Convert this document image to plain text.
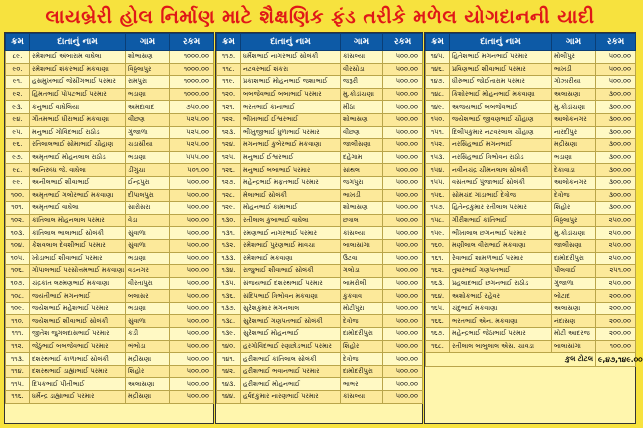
લાયબ્રેરી હોલ નિર્માણ માટે શૈક્ષણિક ફંડ તરીકે મળેલ યોગદાનની યાદી
ક્રમ	દાતાનું નામ	ગામ	રકમ
૮૯.	રમેશભાઈ અંબારામ વાઘેલા	શોભાસણ	૧૦૦૦.૦૦
૯૦.	રમેશભાઈ શંકરભાઈ મકવાણા	વિઠ્ઠલાપુર	૧૦૦૦.૦૦
૯૧.	હસમુખભાઈ જેસીંગભાઈ પરમાર	રામપુરા	૧૦૦૦.૦૦
૯૨.	હિંમતભાઈ પોપટભાઈ પરમાર	ભડાણા	૧૦૦૦.૦૦
૯૩.	કનુભાઈ વાઘેલિયા	અમદાવાદ	૭૫૦.૦૦
૯૪.	ગૌતમભાઈ ધીરાભાઈ મકવાણા	વીંછણ	૫૨૫.૦૦
૯૫.	મનુભાઈ ગોવિંદભાઈ રાઠોડ	ગુંજાળા	૫૨૫.૦૦
૯૬.	રતિલાલભાઈ સોમાભાઈ ચૌહાણ	ચડાસીયા	૫૨૫.૦૦
૯૭.	અમૃતભાઈ મોહનલાલ રાઠોડ	ભડાણા	૫૫૫.૦૦
૯૮.	અનિરુધ્ધ જે. વાઘેલા	ડીંગુચા	૫૦૧.૦૦
૯૯.	અનીલભાઈ શીવાભાઈ	ઈન્દ્રપુરા	૫૦૦.૦૦
૧૦૦.	અમૃતભાઈ ગલોરભાઈ મકવાણા	દીપાલપુરા	૫૦૦.૦૦
૧૦૧.	અમૃતભાઈ વાઘેલા	સારોસરા	૫૦૦.૦૦
૧૦૨.	કાંતિલાલ મોહનલાલ પરમાર	વેડા	૫૦૦.૦૦
૧૦૩.	કાંતિલાલ ભાલાભાઈ સોલંકી	સુંવાળા	૫૦૦.૦૦
૧૦૪.	કેશવલાલ દેવશીભાઈ પરમાર	સુંવાળા	૫૦૦.૦૦
૧૦૫.	ખોડાભાઈ શીવાભાઈ પરમાર	ભડાણા	૫૦૦.૦૦
૧૦૬.	ગોપાલભાઈ પરસોત્તમભાઈ મકવાણા	વડનગર	૫૦૦.૦૦
૧૦૭.	ચંદ્રકાંત લક્ષ્મણભાઈ મકવાણા	વીરતાપુરા	૫૦૦.૦૦
૧૦૮.	જયંતીભાઈ મગનભાઈ	બલાસર	૫૦૦.૦૦
૧૦૯.	જયેશભાઈ મહેશભાઈ પરમાર	ભડાણા	૫૦૦.૦૦
૧૧૦.	જયેશભાઈ શીવાભાઈ સોલંકી	સુંવાળા	૫૦૦.૦૦
૧૧૧.	જીતેશ જુગલદાસભાઈ પરમાર	કડી	૫૦૦.૦૦
૧૧૨.	જેઠુભાઈ બબજેવભાઈ પરમાર	ભંભોડા	૫૦૦.૦૦
૧૧૩.	દશરથભાઈ કાળાભાઈ સોલંકી	મદ્રીસણા	૫૦૦.૦૦
૧૧૪.	દશરથભાઈ ડાહ્યાભાઈ પરમાર	શિહોર	૫૦૦.૦૦
૧૧૫.	દિપકભાઈ પીતીભાઈ	અલાસણા	૫૦૦.૦૦
૧૧૬.	ધર્મેન્દ્ર ડાહ્યાભાઈ પરમાર	મદ્રીસણા	૫૦૦.૦૦
ક્રમ	દાતાનું નામ	ગામ	રકમ
૧૧૭.	ધર્મેશભાઈ નાગરભાઈ સોલંકી	કાંસલ્યા	૫૦૦.૦૦
૧૧૮.	નટવરભાઈ શંકરા	વીરસોડા	૫૦૦.૦૦
૧૧૯.	પ્રકાશભાઈ મોહનભાઈ જશાભાઈ	જરૂરી	૫૦૦.૦૦
૧૨૦.	બબજેવભાઈ બબાભાઈ પરમાર	મુ.કોડાંચણા	૫૦૦.૦૦
૧૨૧.	ભરતભાઈ કાનાભાઈ	મીઠા	૫૦૦.૦૦
૧૨૨.	ભીખાભાઈ ઈશ્વરભાઈ	શોભાસણ	૫૦૦.૦૦
૧૨૩.	ભીખુજીભાઈ ધુળાભાઈ પરમાર	વીંછણ	૫૦૦.૦૦
૧૨૪.	મગનભાઈ કુબેરભાઈ મકવાણા	જાલીસણા	૫૦૦.૦૦
૧૨૫.	મનુભાઈ ઈશ્વરભાઈ	દહેગામ	૫૦૦.૦૦
૧૨૬.	મનુભાઈ બબાભાઈ પરમાર	સાંથલ	૫૦૦.૦૦
૧૨૭.	મહેન્દ્રભાઈ મફતભાઈ પરમાર	જગપુરા	૫૦૦.૦૦
૧૨૮.	મેલાભાઈ સોલંકી	ભાખડી	૫૦૦.૦૦
૧૨૯.	મોહનભાઈ કામાભાઈ	શોભાસણ	૫૦૦.૦૦
૧૩૦.	રતીલાલ કુબાભાઈ વાઘેલા	છત્રાલ	૫૦૦.૦૦
૧૩૧.	રમણભાઈ નાગરભાઈ પરમાર	કાંસલ્યા	૫૦૦.૦૦
૧૩૨.	રમેશભાઈ પુરણભાઈ માવચા	બાલાસાંગા	૫૦૦.૦૦
૧૩૩.	રમેશભાઈ મકવાણા	ઉટવા	૫૦૦.૦૦
૧૩૪.	રાજુભાઈ શીવાભાઈ સોલંકી	ગલોડા	૫૦૦.૦૦
૧૩૫.	સંજયભાઈ દશરથભાઈ પરમાર	બામરોલી	૫૦૦.૦૦
૧૩૬.	સંદિપભાઈ ત્રિભોવન મકવાણા	કુકવાવ	૫૦૦.૦૦
૧૩૭.	સુરેશકુમાર મગનલાલ	મોટીપુરા	૫૦૦.૦૦
૧૩૮.	સુરેશભાઈ ગણપતભાઈ સોલંકી	દેત્રોજ	૫૦૦.૦૦
૧૩૯.	સુરેશભાઈ મોહનભાઈ	દામોદરીપુરા	૫૦૦.૦૦
૧૪૦.	હરગોવિંદભાઈ રણછોડભાઈ પરમાર	શિહોર	૫૦૦.૦૦
૧૪૧.	હરીશભાઈ કાંતિલાલ સોલંકી	દેત્રોજ	૫૦૦.૦૦
૧૪૨.	હરીશભાઈ ભવાનભાઈ પરમાર	દામોદરીપુરા	૫૦૦.૦૦
૧૪૩.	હરીશભાઈ મોહનભાઈ	ભાભર	૫૦૦.૦૦
૧૪૪.	હર્ષદકુમાર નારણભાઈ પરમાર	કાંસલ્યા	૫૦૦.૦૦
ક્રમ	દાતાનું નામ	ગામ	રકમ
૧૪૫.	હિતેશભાઈ મગનભાઈ પરમાર	મોલીપુર	૫૦૦.૦૦
૧૪૬.	પ્રવિણભાઈ શીવાભાઈ પરમાર	ભાખડી	૫૦૦.૦૦
૧૪૭.	ધીરુભાઈ જોઈતારામ પરમાર	ગોઝારીયા	૫૦૦.૦૦
૧૪૮.	કિશોરભાઈ મોહનભાઈ મકવાણા	અલાસણા	૩૦૦.૦૦
૧૪૯.	અજયભાઈ બબજેવભાઈ	મુ.કોડાંચણા	૩૦૦.૦૦
૧૫૦.	જયેશભાઈ જીવણભાઈ ચૌહાણ	આલોકનગર	૩૦૦.૦૦
૧૫૧.	દિલીપકુમાર નટવરલાલ ચૌહાણ	નારદીપુર	૩૦૦.૦૦
૧૫૨.	નરસિંહભાઈ મગનભાઈ	મદ્રીસણા	૩૦૦.૦૦
૧૫૩.	નરસિંહભાઈ ત્રિભોવન રાઠોડ	ભડાણા	૩૦૦.૦૦
૧૫૪.	નવીનચંદ્ર ચીમનલાલ સોલંકી	દેકાવાડા	૩૦૦.૦૦
૧૫૫.	વસંતભાઈ પુંજાભાઈ સોલંકી	આલોકનગર	૩૦૦.૦૦
૧૫૬.	સોમચંદ ગાંડાભાઈ દેત્રોજ	દેત્રોજ	૩૦૦.૦૦
૧૫૭.	હિતેન્દ્રકુમાર રતીલાલ પરમાર	શિહોર	૩૦૦.૦૦
૧૫૮.	ગીરીશભાઈ કાંતિભાઈ	વિઠ્ઠલાપુર	૨૫૦.૦૦
૧૫૯.	ભીખાલાલ છગનભાઈ પરમાર	મુ.કોડાંચણા	૨૫૦.૦૦
૧૬૦.	મણીલાલ વીરાભાઈ મકવાણા	જાલીસણા	૨૫૦.૦૦
૧૬૧.	રેવાભાઈ શામળભાઈ પરમાર	દામોદરીપુરા	૨૫૦.૦૦
૧૬૨.	તુષારભાઈ ગણપતભાઈ	પીલવાઈ	૨૫૧.૦૦
૧૬૩.	પ્રહલાદભાઈ છગનભાઈ રાઠોડ	ગુંજાળા	૨૫૦.૦૦
૧૬૪.	અશોકભાઈ રહેવર	બોટાદ	૨૦૦.૦૦
૧૬૫.	ચંદુભાઈ મકવાણા	અલાસણા	૨૦૦.૦૦
૧૬૬.	ભરતભાઈ એન. મકવાણા	નંદાસણ	૨૦૦.૦૦
૧૬૭.	મહેન્દ્રભાઈ જેઠાભાઈ પરમાર	મોટી આદરજ	૨૦૦.૦૦
૧૬૮.	રતીલાલ બાબુલાલ એસ. ચાવડા	બાલાસાંગા	૧૦૦.૦૦
કુલ ટોટલ			૯,૪૭,૧૪૯.૦૦
